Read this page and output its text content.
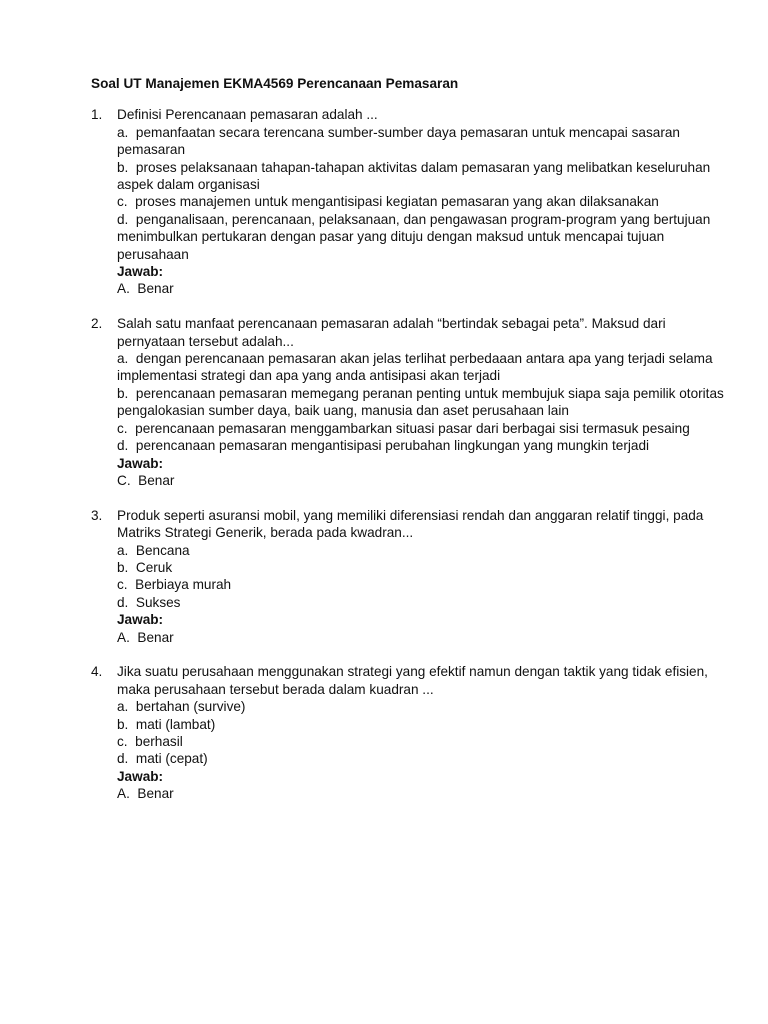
Soal UT Manajemen EKMA4569 Perencanaan Pemasaran
1. Definisi Perencanaan pemasaran adalah ...
a. pemanfaatan secara terencana sumber-sumber daya pemasaran untuk mencapai sasaran pemasaran
b. proses pelaksanaan tahapan-tahapan aktivitas dalam pemasaran yang melibatkan keseluruhan aspek dalam organisasi
c. proses manajemen untuk mengantisipasi kegiatan pemasaran yang akan dilaksanakan
d. penganalisaan, perencanaan, pelaksanaan, dan pengawasan program-program yang bertujuan menimbulkan pertukaran dengan pasar yang dituju dengan maksud untuk mencapai tujuan perusahaan
Jawab:
A.  Benar
2. Salah satu manfaat perencanaan pemasaran adalah “bertindak sebagai peta”. Maksud dari pernyataan tersebut adalah...
a. dengan perencanaan pemasaran akan jelas terlihat perbedaaan antara apa yang terjadi selama implementasi strategi dan apa yang anda antisipasi akan terjadi
b. perencanaan pemasaran memegang peranan penting untuk membujuk siapa saja pemilik otoritas pengalokasian sumber daya, baik uang, manusia dan aset perusahaan lain
c. perencanaan pemasaran menggambarkan situasi pasar dari berbagai sisi termasuk pesaing
d. perencanaan pemasaran mengantisipasi perubahan lingkungan yang mungkin terjadi
Jawab:
C.  Benar
3. Produk seperti asuransi mobil, yang memiliki diferensiasi rendah dan anggaran relatif tinggi, pada Matriks Strategi Generik, berada pada kwadran...
a. Bencana
b. Ceruk
c. Berbiaya murah
d. Sukses
Jawab:
A.  Benar
4. Jika suatu perusahaan menggunakan strategi yang efektif namun dengan taktik yang tidak efisien, maka perusahaan tersebut berada dalam kuadran ...
a. bertahan (survive)
b. mati (lambat)
c. berhasil
d. mati (cepat)
Jawab:
A.  Benar
